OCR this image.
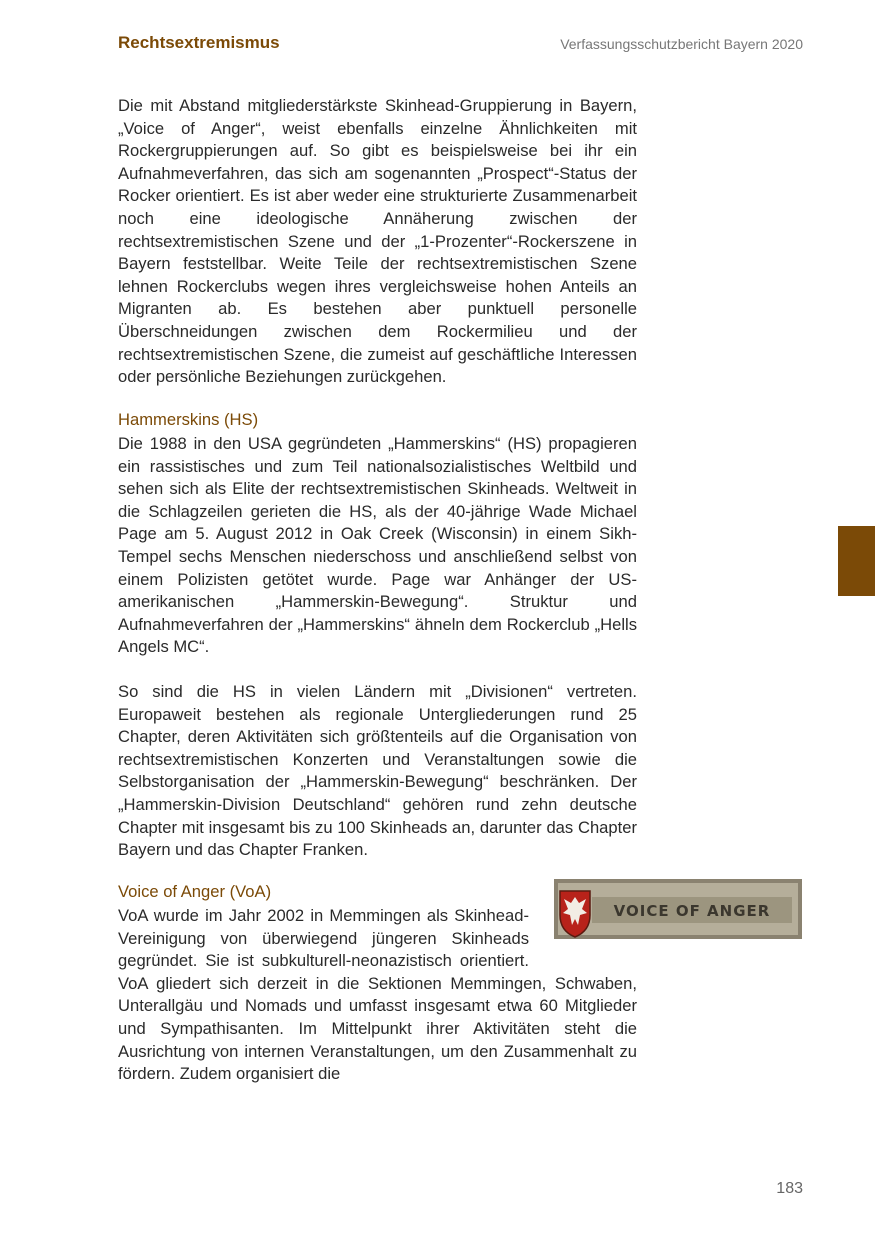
Rechtsextremismus	Verfassungsschutzbericht Bayern 2020

Die mit Abstand mitgliederstärkste Skinhead-Gruppierung in Bayern, „Voice of Anger“, weist ebenfalls einzelne Ähnlichkeiten mit Rockergruppierungen auf. So gibt es beispielsweise bei ihr ein Aufnahmeverfahren, das sich am sogenannten „Prospect“-Status der Rocker orientiert. Es ist aber weder eine strukturierte Zusammenarbeit noch eine ideologische Annäherung zwischen der rechtsextremistischen Szene und der „1-Prozenter“-Rockerszene in Bayern feststellbar. Weite Teile der rechtsextremistischen Szene lehnen Rockerclubs wegen ihres vergleichsweise hohen Anteils an Migranten ab. Es bestehen aber punktuell personelle Überschneidungen zwischen dem Rockermilieu und der rechtsextremistischen Szene, die zumeist auf geschäftliche Interessen oder persönliche Beziehungen zurückgehen.

Hammerskins (HS)

Die 1988 in den USA gegründeten „Hammerskins“ (HS) propagieren ein rassistisches und zum Teil nationalsozialistisches Weltbild und sehen sich als Elite der rechtsextremistischen Skinheads. Weltweit in die Schlagzeilen gerieten die HS, als der 40-jährige Wade Michael Page am 5. August 2012 in Oak Creek (Wisconsin) in einem Sikh-Tempel sechs Menschen niederschoss und anschließend selbst von einem Polizisten getötet wurde. Page war Anhänger der US-amerikanischen „Hammerskin-Bewegung“. Struktur und Aufnahmeverfahren der „Hammerskins“ ähneln dem Rockerclub „Hells Angels MC“.

So sind die HS in vielen Ländern mit „Divisionen“ vertreten. Europaweit bestehen als regionale Untergliederungen rund 25 Chapter, deren Aktivitäten sich größtenteils auf die Organisation von rechtsextremistischen Konzerten und Veranstaltungen sowie die Selbstorganisation der „Hammerskin-Bewegung“ beschränken. Der „Hammerskin-Division Deutschland“ gehören rund zehn deutsche Chapter mit insgesamt bis zu 100 Skinheads an, darunter das Chapter Bayern und das Chapter Franken.

Voice of Anger (VoA)
VoA wurde im Jahr 2002 in Memmingen als Skinhead-Vereinigung von überwiegend jüngeren Skinheads gegründet. Sie ist subkulturell-neonazistisch orientiert. VoA gliedert sich derzeit in die Sektionen Memmingen, Schwaben, Unterallgäu und Nomads und umfasst insgesamt etwa 60 Mitglieder und Sympathisanten. Im Mittelpunkt ihrer Aktivitäten steht die Ausrichtung von internen Veranstaltungen, um den Zusammenhalt zu fördern. Zudem organisiert die
VOICE OF ANGER
183
